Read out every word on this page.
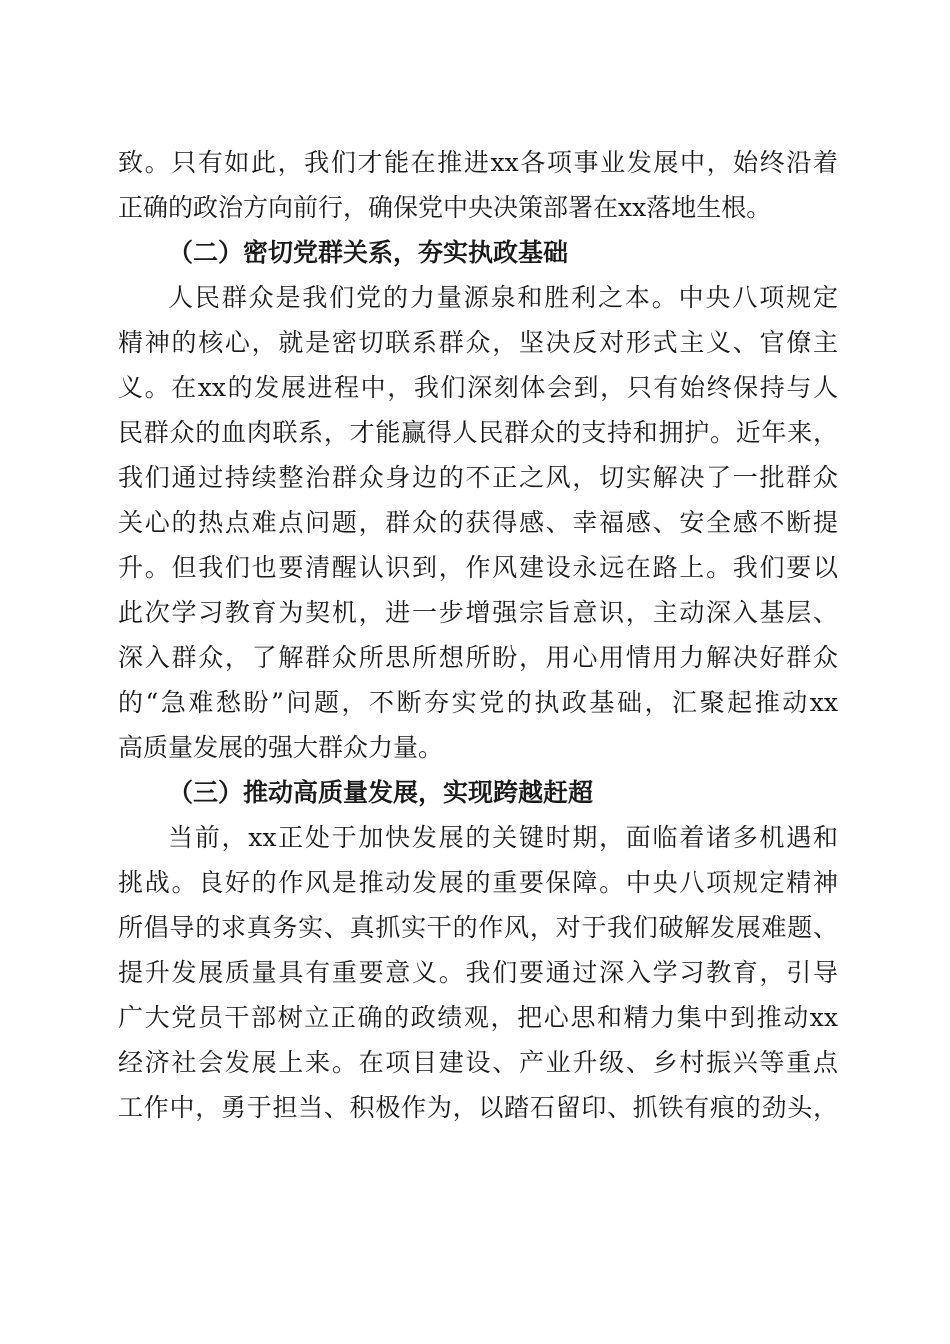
致。只有如此，我们才能在推进xx各项事业发展中，始终沿着

正确的政治方向前行，确保党中央决策部署在xx落地生根。

（二）密切党群关系，夯实执政基础

人民群众是我们党的力量源泉和胜利之本。中央八项规定

精神的核心，就是密切联系群众，坚决反对形式主义、官僚主

义。在xx的发展进程中，我们深刻体会到，只有始终保持与人

民群众的血肉联系，才能赢得人民群众的支持和拥护。近年来，

我们通过持续整治群众身边的不正之风，切实解决了一批群众

关心的热点难点问题，群众的获得感、幸福感、安全感不断提

升。但我们也要清醒认识到，作风建设永远在路上。我们要以

此次学习教育为契机，进一步增强宗旨意识，主动深入基层、

深入群众，了解群众所思所想所盼，用心用情用力解决好群众

的“急难愁盼”问题，不断夯实党的执政基础，汇聚起推动xx

高质量发展的强大群众力量。

（三）推动高质量发展，实现跨越赶超

当前，xx正处于加快发展的关键时期，面临着诸多机遇和

挑战。良好的作风是推动发展的重要保障。中央八项规定精神

所倡导的求真务实、真抓实干的作风，对于我们破解发展难题、

提升发展质量具有重要意义。我们要通过深入学习教育，引导

广大党员干部树立正确的政绩观，把心思和精力集中到推动xx

经济社会发展上来。在项目建设、产业升级、乡村振兴等重点

工作中，勇于担当、积极作为，以踏石留印、抓铁有痕的劲头，
